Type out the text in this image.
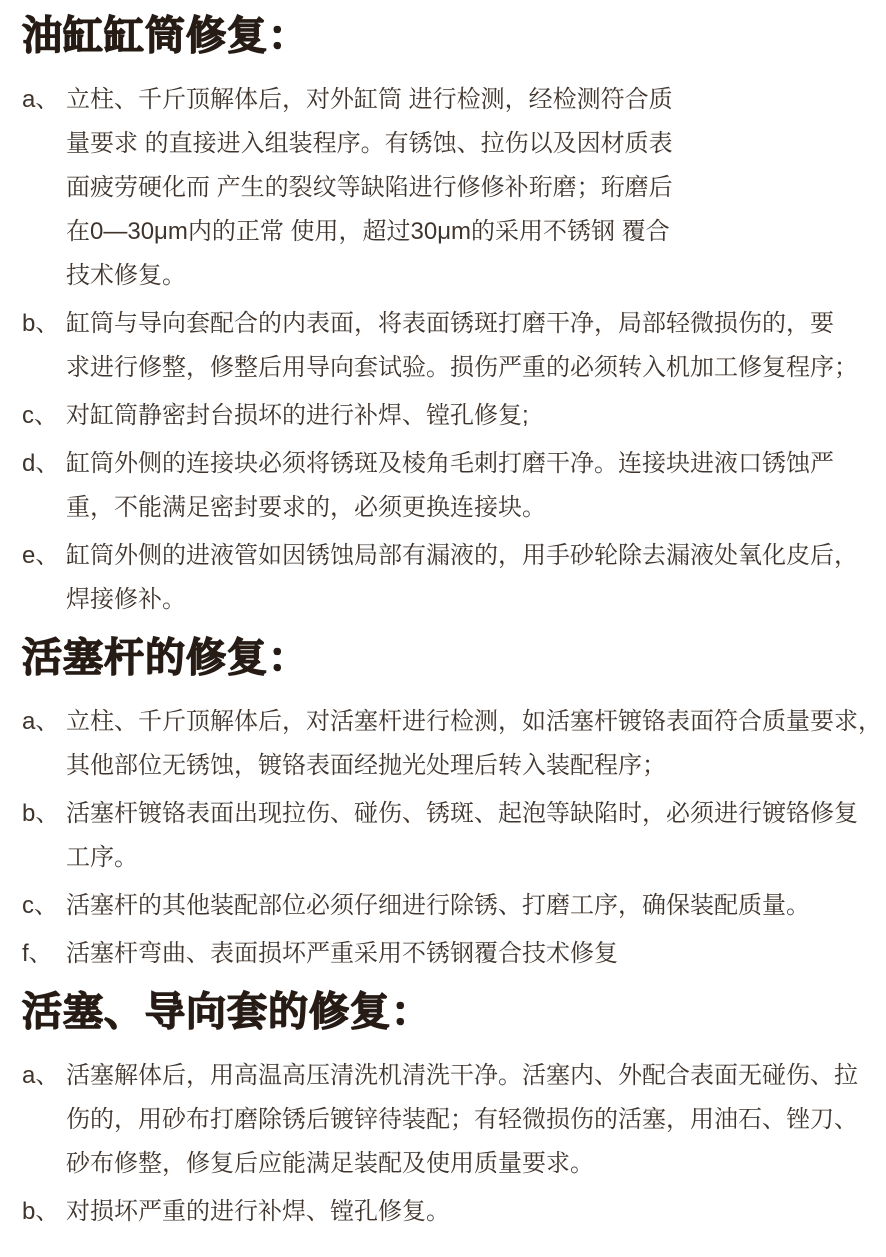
油缸缸筒修复：
a、 立柱、千斤顶解体后，对外缸筒 进行检测，经检测符合质
量要求 的直接进入组装程序。有锈蚀、拉伤以及因材质表
面疲劳硬化而 产生的裂纹等缺陷进行修修补珩磨；珩磨后
在0—30μm内的正常 使用，超过30μm的采用不锈钢 覆合
技术修复。
b、 缸筒与导向套配合的内表面，将表面锈斑打磨干净，局部轻微损伤的，要
求进行修整，修整后用导向套试验。损伤严重的必须转入机加工修复程序；
c、 对缸筒静密封台损坏的进行补焊、镗孔修复;
d、 缸筒外侧的连接块必须将锈斑及棱角毛刺打磨干净。连接块进液口锈蚀严
重，不能满足密封要求的，必须更换连接块。
e、 缸筒外侧的进液管如因锈蚀局部有漏液的，用手砂轮除去漏液处氧化皮后，
焊接修补。
活塞杆的修复：
a、 立柱、千斤顶解体后，对活塞杆进行检测，如活塞杆镀铬表面符合质量要求，
其他部位无锈蚀，镀铬表面经抛光处理后转入装配程序；
b、 活塞杆镀铬表面出现拉伤、碰伤、锈斑、起泡等缺陷时，必须进行镀铬修复
工序。
c、 活塞杆的其他装配部位必须仔细进行除锈、打磨工序，确保装配质量。
f、 活塞杆弯曲、表面损坏严重采用不锈钢覆合技术修复
活塞、导向套的修复：
a、 活塞解体后，用高温高压清洗机清洗干净。活塞内、外配合表面无碰伤、拉
伤的，用砂布打磨除锈后镀锌待装配；有轻微损伤的活塞，用油石、锉刀、
砂布修整，修复后应能满足装配及使用质量要求。
b、 对损坏严重的进行补焊、镗孔修复。
